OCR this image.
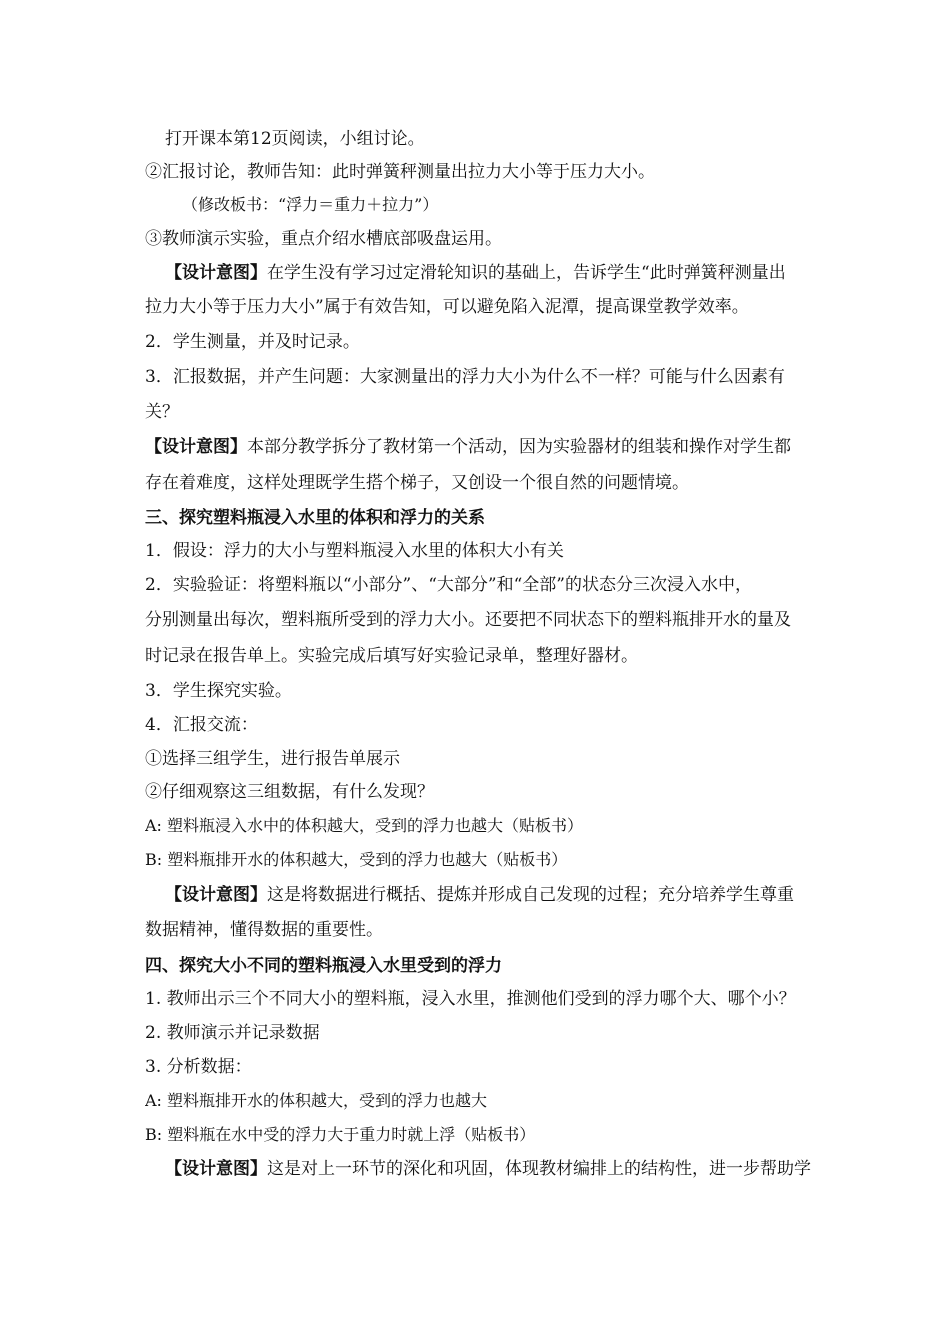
打开课本第12页阅读，小组讨论。
②汇报讨论，教师告知：此时弹簧秤测量出拉力大小等于压力大小。
（修改板书：“浮力＝重力＋拉力”）
③教师演示实验，重点介绍水槽底部吸盘运用。
【设计意图】在学生没有学习过定滑轮知识的基础上，告诉学生“此时弹簧秤测量出
拉力大小等于压力大小”属于有效告知，可以避免陷入泥潭，提高课堂教学效率。
2．学生测量，并及时记录。
3．汇报数据，并产生问题：大家测量出的浮力大小为什么不一样？可能与什么因素有
关？
【设计意图】本部分教学拆分了教材第一个活动，因为实验器材的组装和操作对学生都
存在着难度，这样处理既学生搭个梯子，又创设一个很自然的问题情境。
三、探究塑料瓶浸入水里的体积和浮力的关系
1．假设：浮力的大小与塑料瓶浸入水里的体积大小有关
2．实验验证：将塑料瓶以“小部分”、“大部分”和“全部”的状态分三次浸入水中，
分别测量出每次，塑料瓶所受到的浮力大小。还要把不同状态下的塑料瓶排开水的量及
时记录在报告单上。实验完成后填写好实验记录单，整理好器材。
3．学生探究实验。
4．汇报交流：
①选择三组学生，进行报告单展示
②仔细观察这三组数据，有什么发现？
A: 塑料瓶浸入水中的体积越大，受到的浮力也越大（贴板书）
B: 塑料瓶排开水的体积越大，受到的浮力也越大（贴板书）
【设计意图】这是将数据进行概括、提炼并形成自己发现的过程；充分培养学生尊重
数据精神，懂得数据的重要性。
四、探究大小不同的塑料瓶浸入水里受到的浮力
1. 教师出示三个不同大小的塑料瓶，浸入水里，推测他们受到的浮力哪个大、哪个小？
2. 教师演示并记录数据
3. 分析数据：
A: 塑料瓶排开水的体积越大，受到的浮力也越大
B: 塑料瓶在水中受的浮力大于重力时就上浮（贴板书）
【设计意图】这是对上一环节的深化和巩固，体现教材编排上的结构性，进一步帮助学
